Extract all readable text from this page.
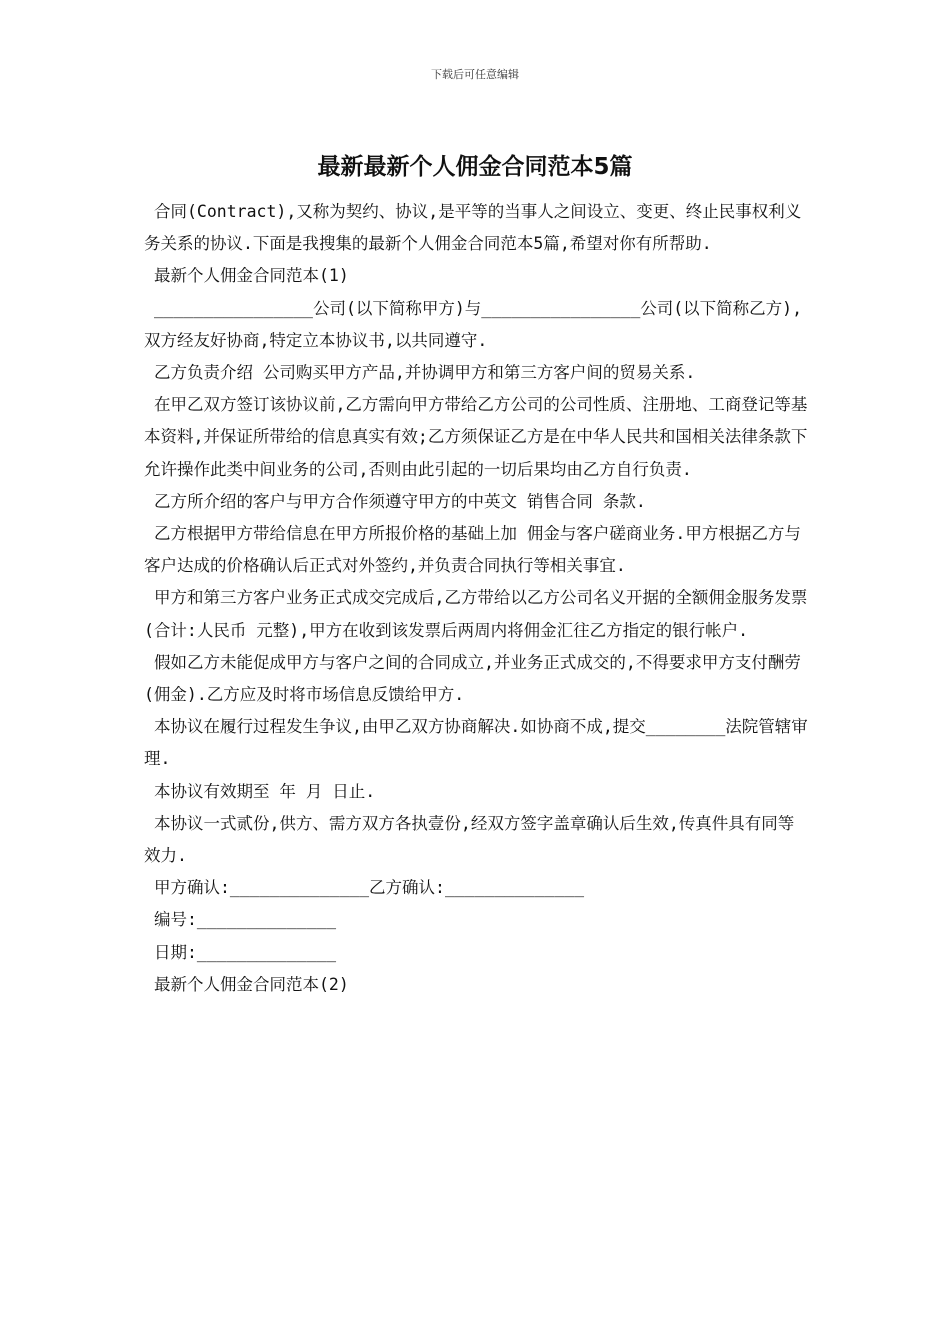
下载后可任意编辑
最新最新个人佣金合同范本5篇

合同(Contract),又称为契约、协议,是平等的当事人之间设立、变更、终止民事权利义务关系的协议.下面是我搜集的最新个人佣金合同范本5篇,希望对你有所帮助.

最新个人佣金合同范本(1)

________________公司(以下简称甲方)与________________公司(以下简称乙方),双方经友好协商,特定立本协议书,以共同遵守.

乙方负责介绍 公司购买甲方产品,并协调甲方和第三方客户间的贸易关系.

在甲乙双方签订该协议前,乙方需向甲方带给乙方公司的公司性质、注册地、工商登记等基本资料,并保证所带给的信息真实有效;乙方须保证乙方是在中华人民共和国相关法律条款下允许操作此类中间业务的公司,否则由此引起的一切后果均由乙方自行负责.

乙方所介绍的客户与甲方合作须遵守甲方的中英文 销售合同 条款.

乙方根据甲方带给信息在甲方所报价格的基础上加 佣金与客户磋商业务.甲方根据乙方与客户达成的价格确认后正式对外签约,并负责合同执行等相关事宜.

甲方和第三方客户业务正式成交完成后,乙方带给以乙方公司名义开据的全额佣金服务发票(合计:人民币 元整),甲方在收到该发票后两周内将佣金汇往乙方指定的银行帐户.

假如乙方未能促成甲方与客户之间的合同成立,并业务正式成交的,不得要求甲方支付酬劳(佣金).乙方应及时将市场信息反馈给甲方.

本协议在履行过程发生争议,由甲乙双方协商解决.如协商不成,提交________法院管辖审理.

本协议有效期至 年 月 日止.

本协议一式贰份,供方、需方双方各执壹份,经双方签字盖章确认后生效,传真件具有同等效力.

甲方确认:______________乙方确认:______________

编号:______________

日期:______________

最新个人佣金合同范本(2)
